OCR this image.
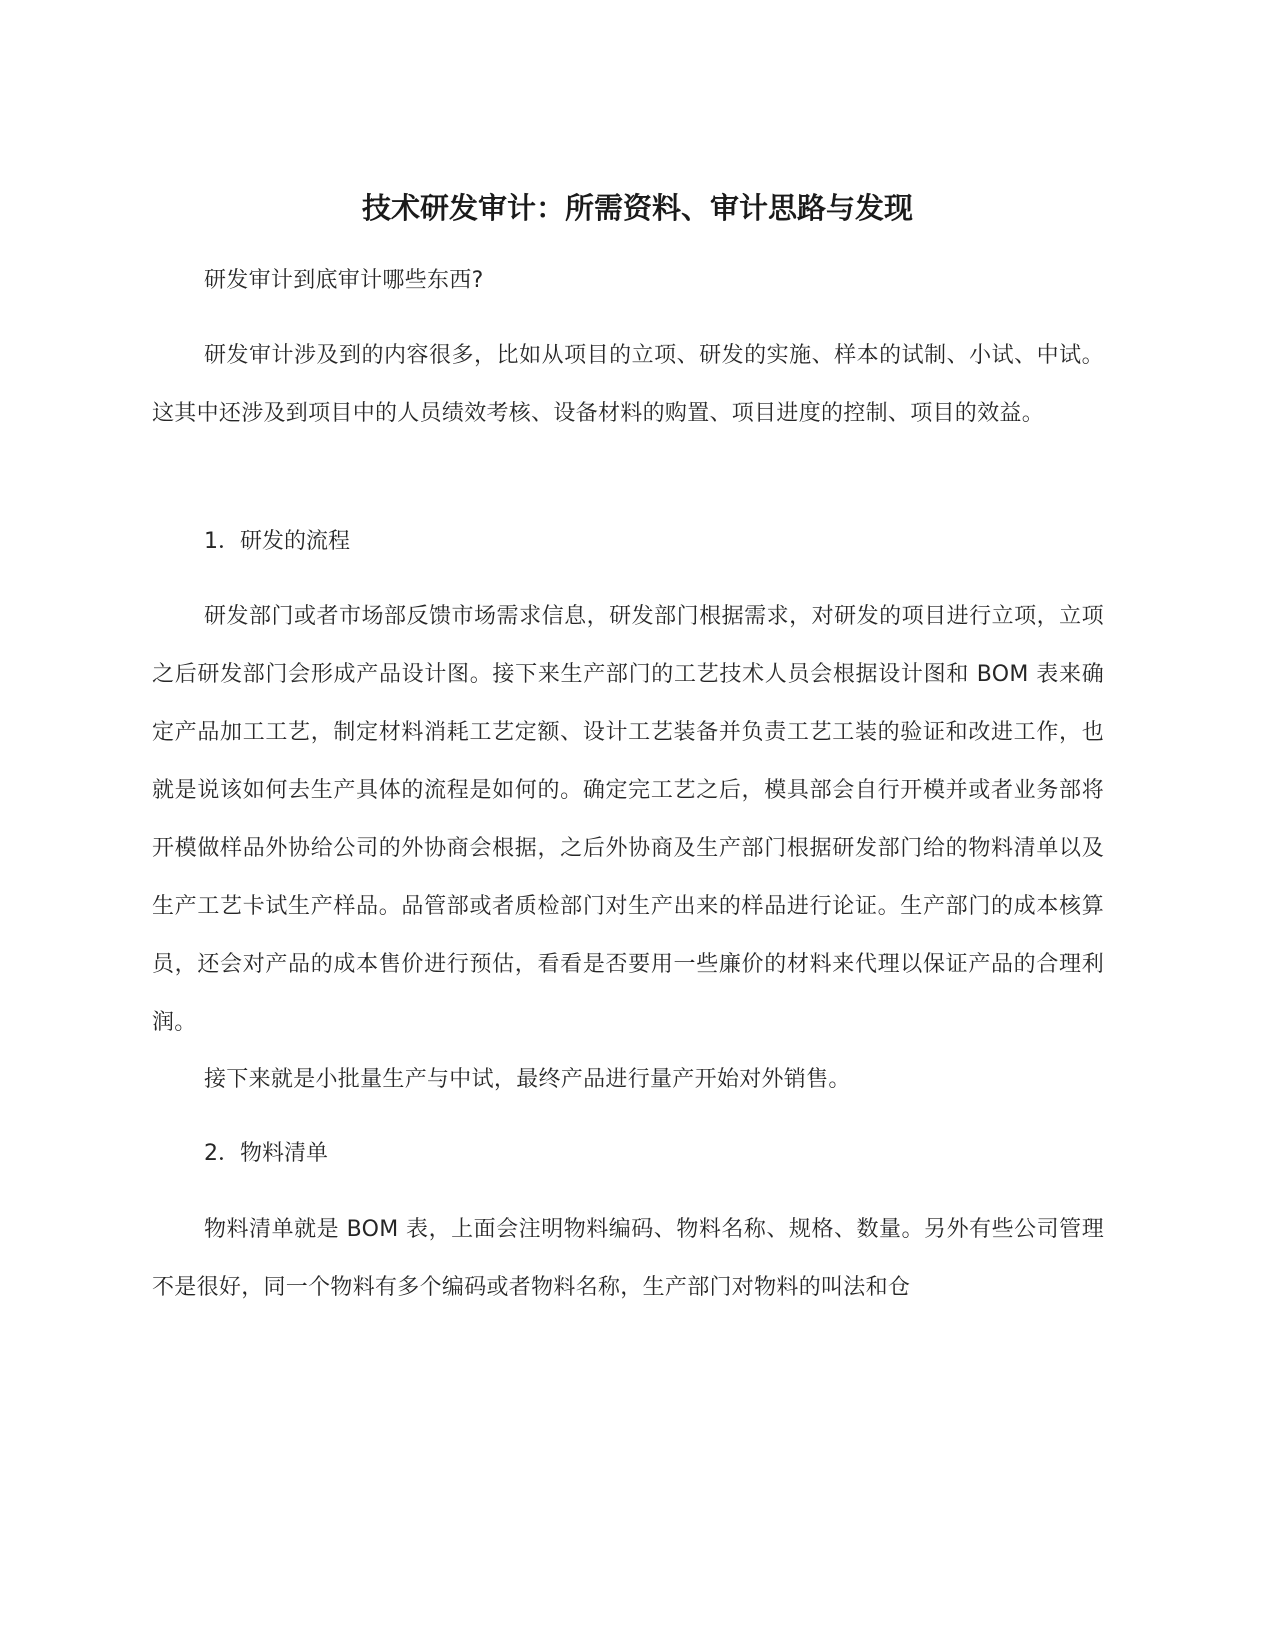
技术研发审计：所需资料、审计思路与发现

研发审计到底审计哪些东西?

研发审计涉及到的内容很多，比如从项目的立项、研发的实施、样本的试制、小试、中试。这其中还涉及到项目中的人员绩效考核、设备材料的购置、项目进度的控制、项目的效益。

1．研发的流程

研发部门或者市场部反馈市场需求信息，研发部门根据需求，对研发的项目进行立项，立项之后研发部门会形成产品设计图。接下来生产部门的工艺技术人员会根据设计图和 BOM 表来确定产品加工工艺，制定材料消耗工艺定额、设计工艺装备并负责工艺工装的验证和改进工作，也就是说该如何去生产具体的流程是如何的。确定完工艺之后，模具部会自行开模并或者业务部将开模做样品外协给公司的外协商会根据，之后外协商及生产部门根据研发部门给的物料清单以及生产工艺卡试生产样品。品管部或者质检部门对生产出来的样品进行论证。生产部门的成本核算员，还会对产品的成本售价进行预估，看看是否要用一些廉价的材料来代理以保证产品的合理利润。

接下来就是小批量生产与中试，最终产品进行量产开始对外销售。

2．物料清单

物料清单就是 BOM 表，上面会注明物料编码、物料名称、规格、数量。另外有些公司管理不是很好，同一个物料有多个编码或者物料名称，生产部门对物料的叫法和仓
